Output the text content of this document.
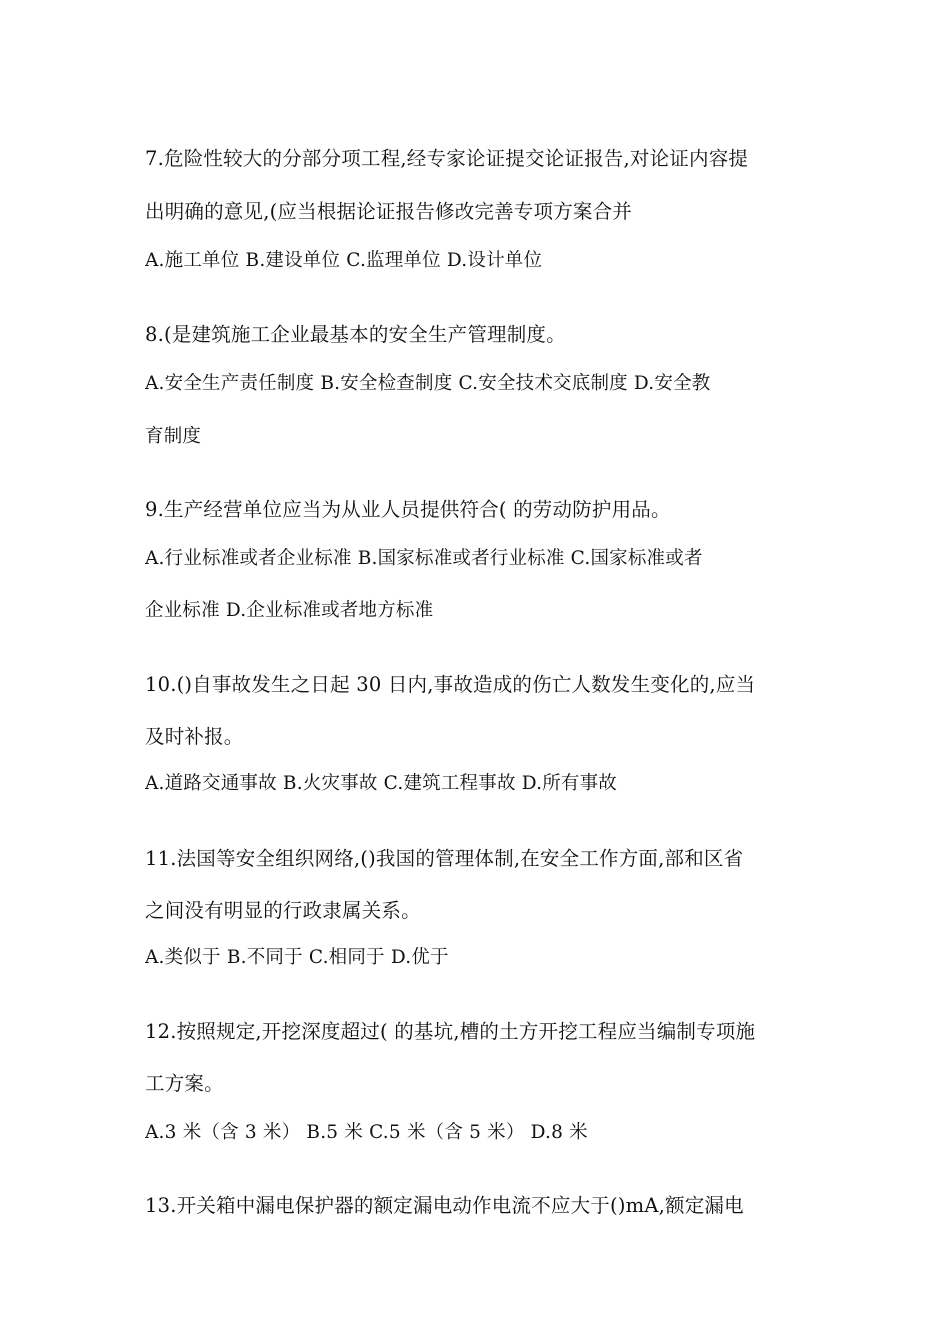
7.危险性较大的分部分项工程,经专家论证提交论证报告,对论证内容提
出明确的意见,(应当根据论证报告修改完善专项方案合并
A.施工单位 B.建设单位 C.监理单位 D.设计单位
8.(是建筑施工企业最基本的安全生产管理制度。
A.安全生产责任制度 B.安全检查制度 C.安全技术交底制度 D.安全教
育制度
9.生产经营单位应当为从业人员提供符合( 的劳动防护用品。
A.行业标准或者企业标准 B.国家标准或者行业标准 C.国家标准或者
企业标准 D.企业标准或者地方标准
10.()自事故发生之日起 30 日内,事故造成的伤亡人数发生变化的,应当
及时补报。
A.道路交通事故 B.火灾事故 C.建筑工程事故 D.所有事故
11.法国等安全组织网络,()我国的管理体制,在安全工作方面,部和区省
之间没有明显的行政隶属关系。
A.类似于 B.不同于 C.相同于 D.优于
12.按照规定,开挖深度超过( 的基坑,槽的土方开挖工程应当编制专项施
工方案。
A.3 米（含 3 米） B.5 米 C.5 米（含 5 米） D.8 米
13.开关箱中漏电保护器的额定漏电动作电流不应大于()mA,额定漏电
